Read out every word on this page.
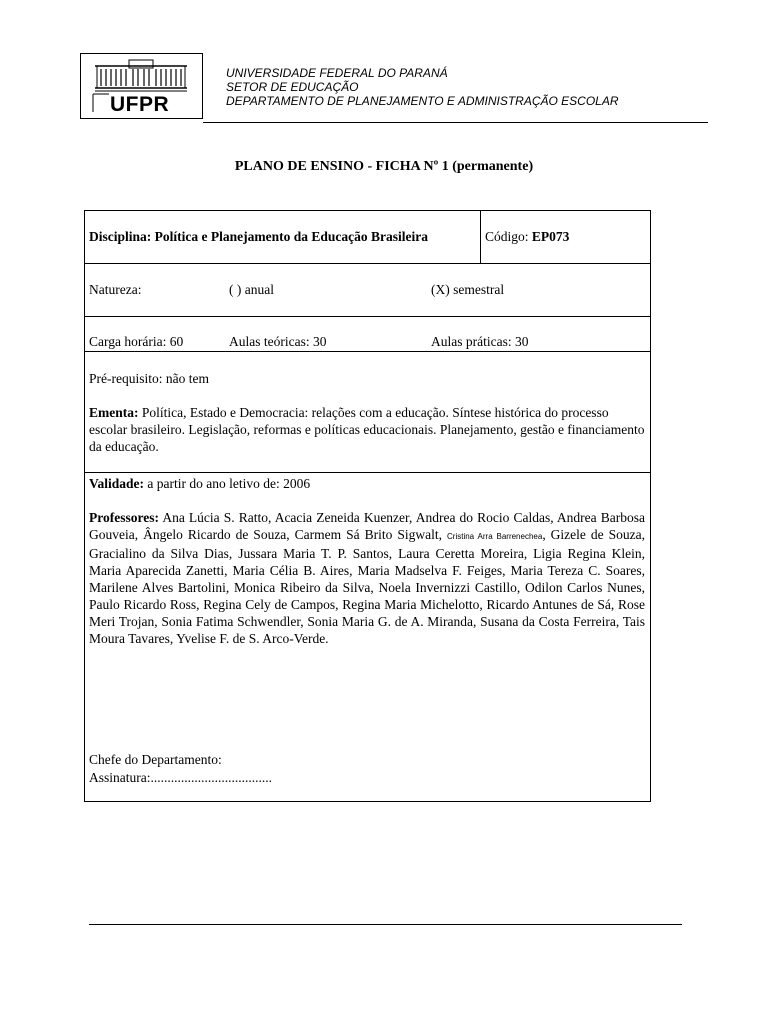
UFPR
UNIVERSIDADE FEDERAL DO PARANÁ
SETOR DE EDUCAÇÃO
DEPARTAMENTO DE PLANEJAMENTO E ADMINISTRAÇÃO ESCOLAR
PLANO DE ENSINO - FICHA Nº 1 (permanente)
Disciplina: Política e Planejamento da Educação Brasileira	Código: EP073
Natureza:	( ) anual	(X) semestral
Carga horária: 60	Aulas teóricas: 30	Aulas práticas: 30
Pré-requisito: não tem
Ementa: Política, Estado e Democracia: relações com a educação. Síntese histórica do processo escolar brasileiro. Legislação, reformas e políticas educacionais. Planejamento, gestão e financiamento da educação.
Validade: a partir do ano letivo de: 2006
Professores: Ana Lúcia S. Ratto, Acacia Zeneida Kuenzer, Andrea do Rocio Caldas, Andrea Barbosa Gouveia, Ângelo Ricardo de Souza, Carmem Sá Brito Sigwalt, Cristina Arra Barrenechea, Gizele de Souza, Gracialino da Silva Dias, Jussara Maria T. P. Santos, Laura Ceretta Moreira, Ligia Regina Klein, Maria Aparecida Zanetti, Maria Célia B. Aires, Maria Madselva F. Feiges, Maria Tereza C. Soares, Marilene Alves Bartolini, Monica Ribeiro da Silva, Noela Invernizzi Castillo, Odilon Carlos Nunes, Paulo Ricardo Ross, Regina Cely de Campos, Regina Maria Michelotto, Ricardo Antunes de Sá, Rose Meri Trojan, Sonia Fatima Schwendler, Sonia Maria G. de A. Miranda, Susana da Costa Ferreira, Tais Moura Tavares, Yvelise F. de S. Arco-Verde.
Chefe do Departamento:
Assinatura:....................................
